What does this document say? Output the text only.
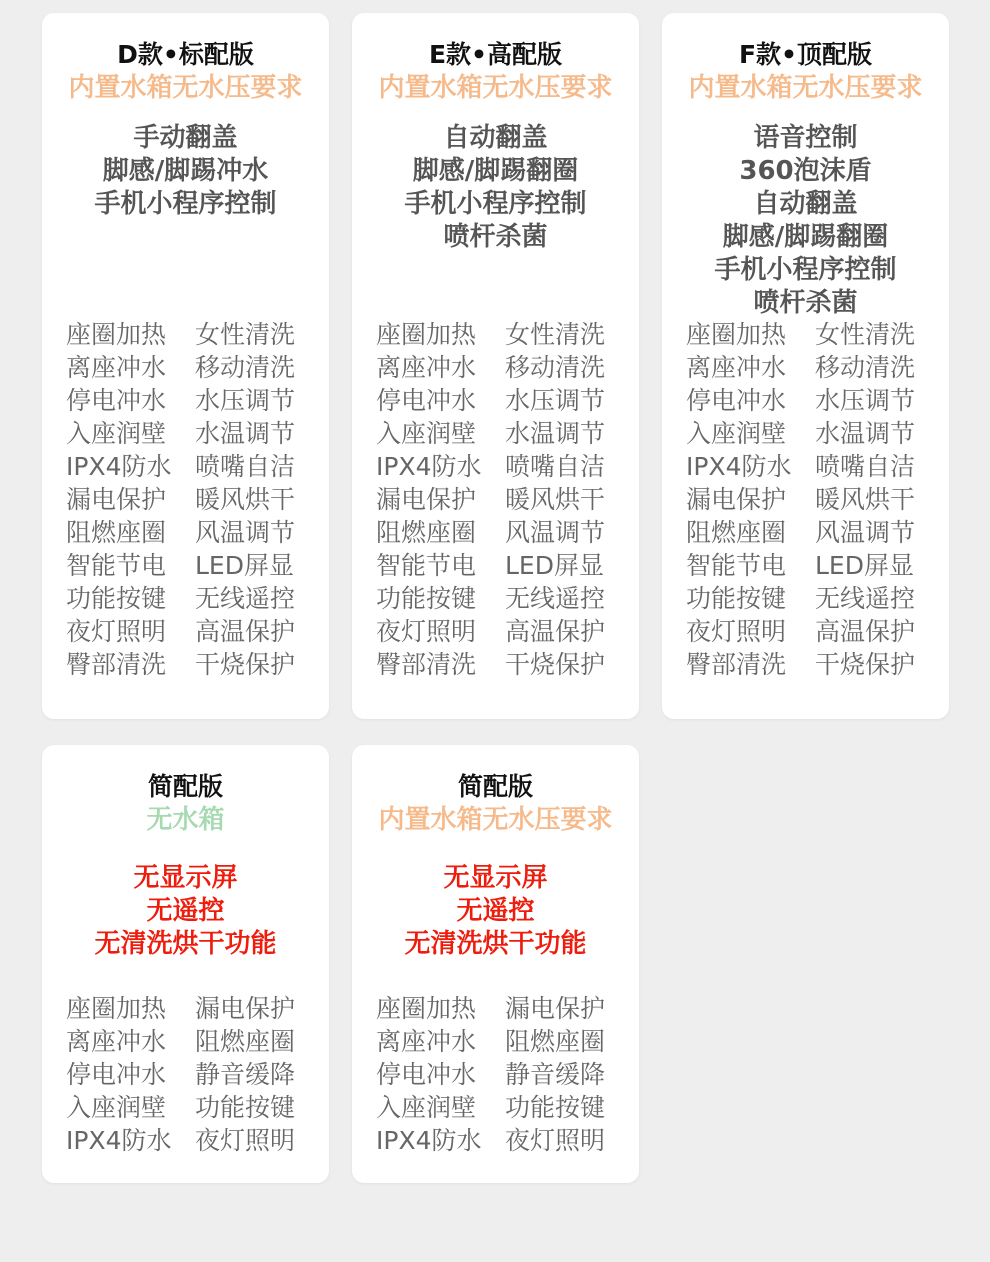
D款•标配版
内置水箱无水压要求
手动翻盖
脚感/脚踢冲水
手机小程序控制
座圈加热	女性清洗
离座冲水	移动清洗
停电冲水	水压调节
入座润壁	水温调节
IPX4防水 喷嘴自洁
漏电保护	暖风烘干
阻燃座圈	风温调节
智能节电	LED屏显
功能按键	无线遥控
夜灯照明	高温保护
臀部清洗	干烧保护
E款•高配版
内置水箱无水压要求
自动翻盖
脚感/脚踢翻圈
手机小程序控制
喷杆杀菌
座圈加热	女性清洗
离座冲水	移动清洗
停电冲水	水压调节
入座润壁	水温调节
IPX4防水 喷嘴自洁
漏电保护	暖风烘干
阻燃座圈	风温调节
智能节电	LED屏显
功能按键	无线遥控
夜灯照明	高温保护
臀部清洗	干烧保护
F款•顶配版
内置水箱无水压要求
语音控制
360泡沫盾
自动翻盖
脚感/脚踢翻圈
手机小程序控制
喷杆杀菌
座圈加热	女性清洗
离座冲水	移动清洗
停电冲水	水压调节
入座润壁	水温调节
IPX4防水 喷嘴自洁
漏电保护	暖风烘干
阻燃座圈	风温调节
智能节电	LED屏显
功能按键	无线遥控
夜灯照明	高温保护
臀部清洗	干烧保护
简配版
无水箱
无显示屏
无遥控
无清洗烘干功能
座圈加热	漏电保护
离座冲水	阻燃座圈
停电冲水	静音缓降
入座润壁	功能按键
IPX4防水 夜灯照明
简配版
内置水箱无水压要求
无显示屏
无遥控
无清洗烘干功能
座圈加热	漏电保护
离座冲水	阻燃座圈
停电冲水	静音缓降
入座润壁	功能按键
IPX4防水 夜灯照明
